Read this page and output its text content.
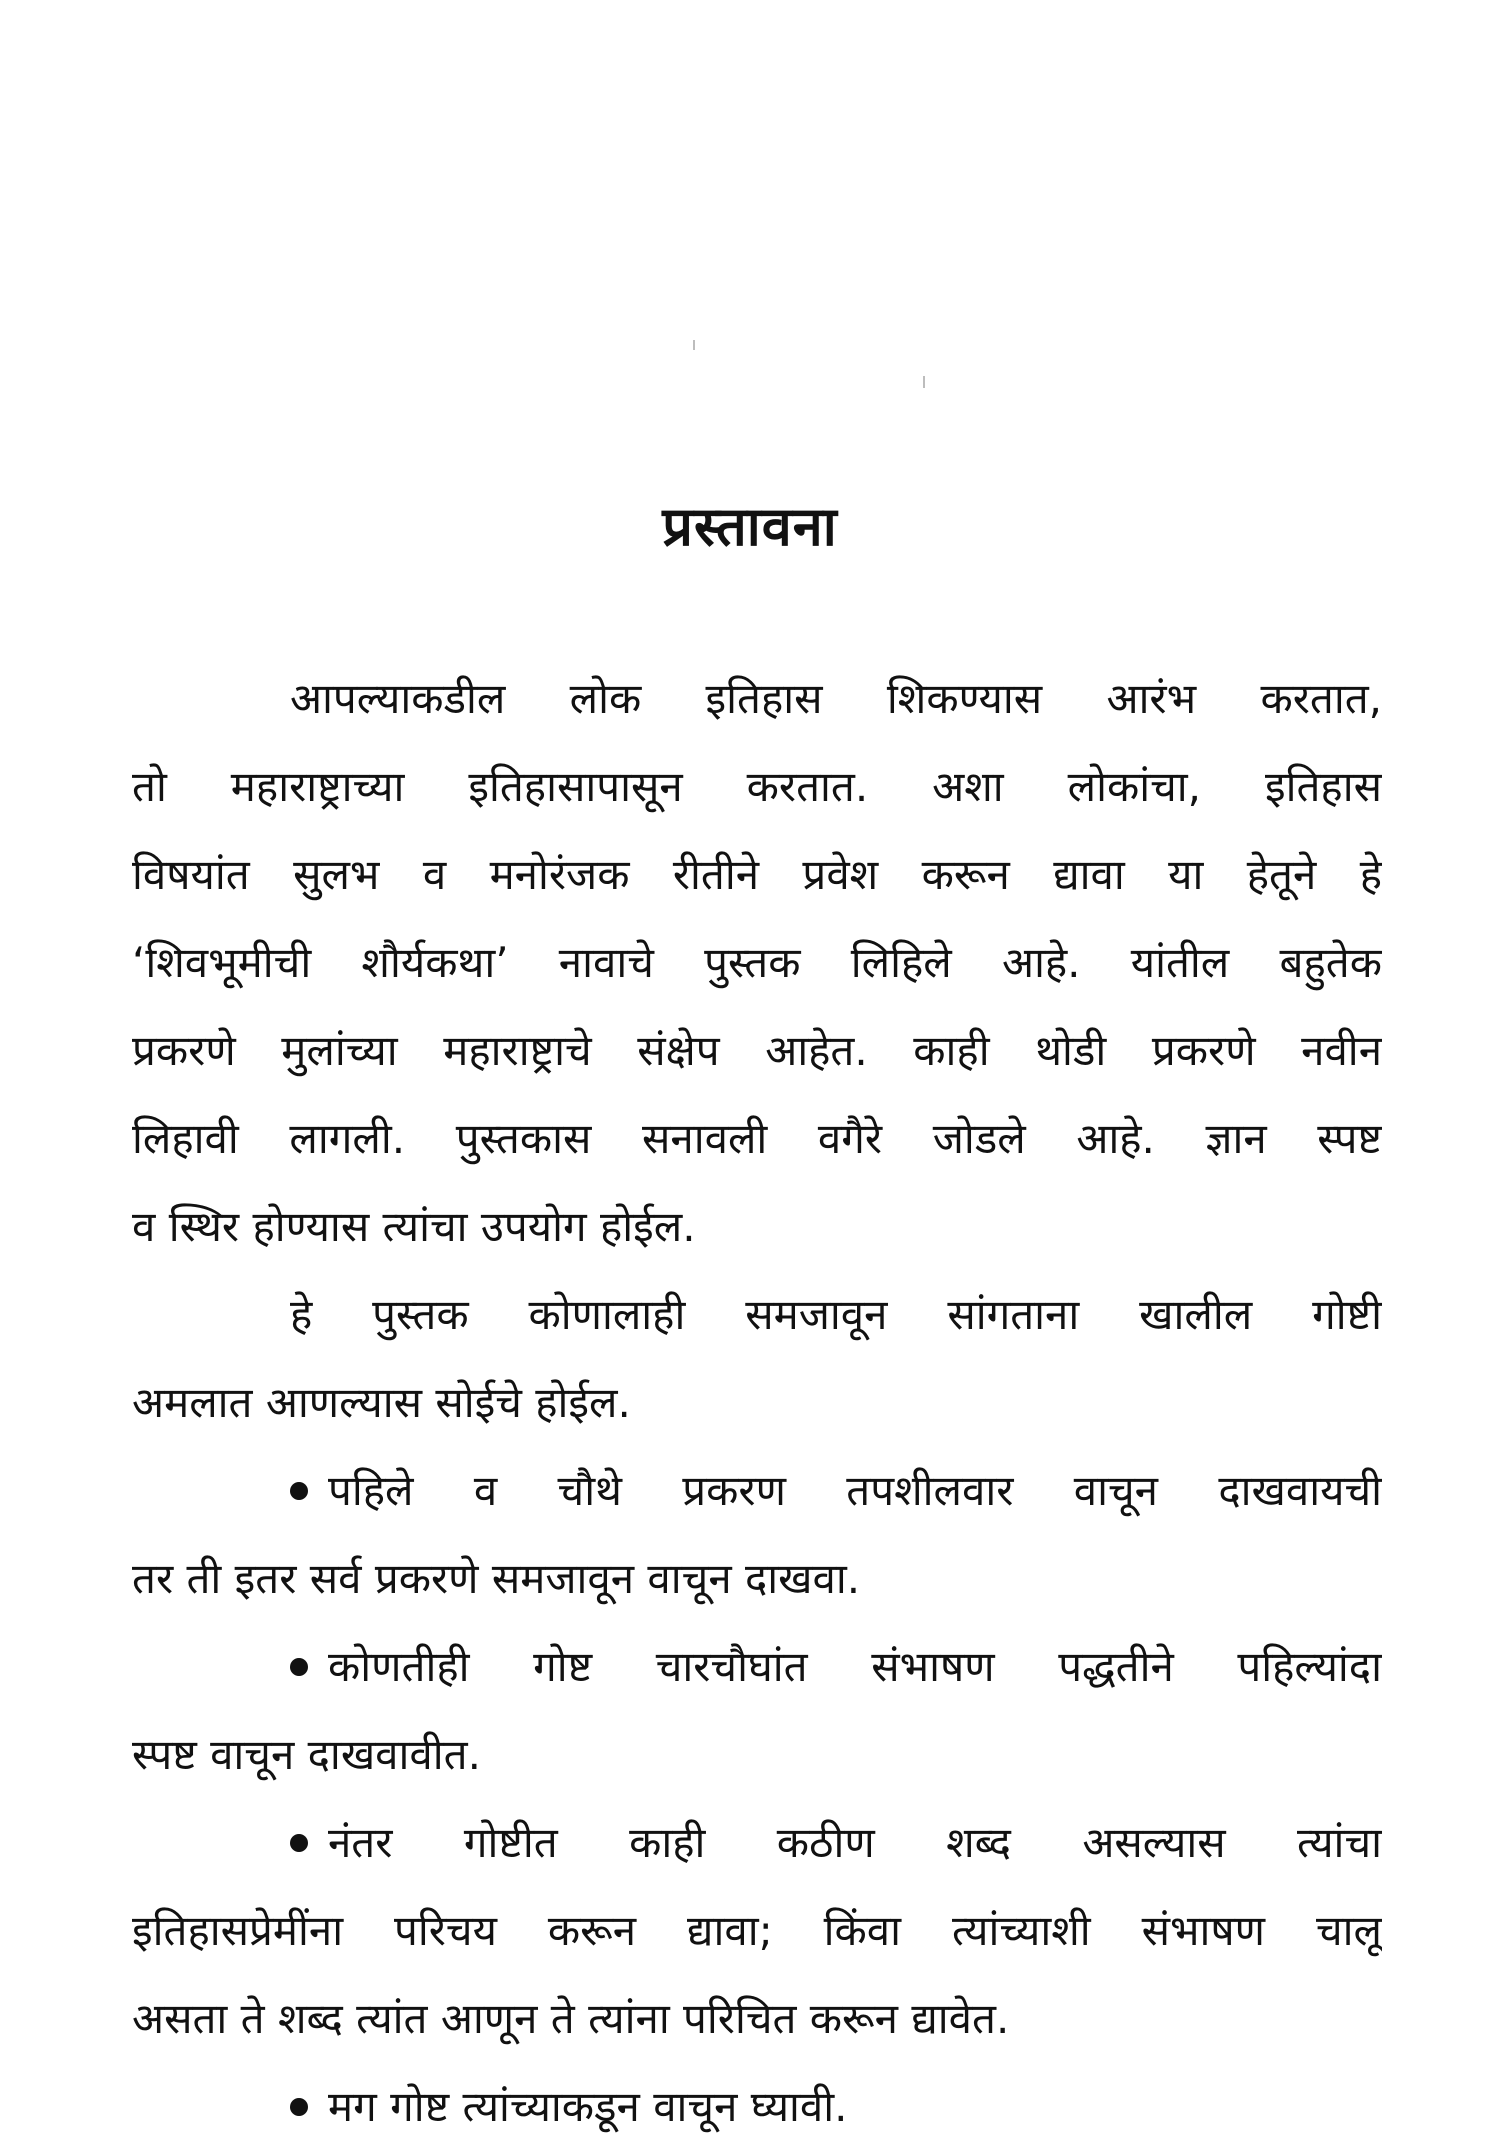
प्रस्तावना
आपल्याकडील लोक इतिहास शिकण्यास आरंभ करतात,
तो महाराष्ट्राच्या इतिहासापासून करतात. अशा लोकांचा, इतिहास
विषयांत सुलभ व मनोरंजक रीतीने प्रवेश करून द्यावा या हेतूने हे
‘शिवभूमीची शौर्यकथा’ नावाचे पुस्तक लिहिले आहे. यांतील बहुतेक
प्रकरणे मुलांच्या महाराष्ट्राचे संक्षेप आहेत. काही थोडी प्रकरणे नवीन
लिहावी लागली. पुस्तकास सनावली वगैरे जोडले आहे. ज्ञान स्पष्ट
व स्थिर होण्यास त्यांचा उपयोग होईल.
हे पुस्तक कोणालाही समजावून सांगताना खालील गोष्टी
अमलात आणल्यास सोईचे होईल.
पहिले व चौथे प्रकरण तपशीलवार वाचून दाखवायची
तर ती इतर सर्व प्रकरणे समजावून वाचून दाखवा.
कोणतीही गोष्ट चारचौघांत संभाषण पद्धतीने पहिल्यांदा
स्पष्ट वाचून दाखवावीत.
नंतर गोष्टीत काही कठीण शब्द असल्यास त्यांचा
इतिहासप्रेमींना परिचय करून द्यावा; किंवा त्यांच्याशी संभाषण चालू
असता ते शब्द त्यांत आणून ते त्यांना परिचित करून द्यावेत.
मग गोष्ट त्यांच्याकडून वाचून घ्यावी.
